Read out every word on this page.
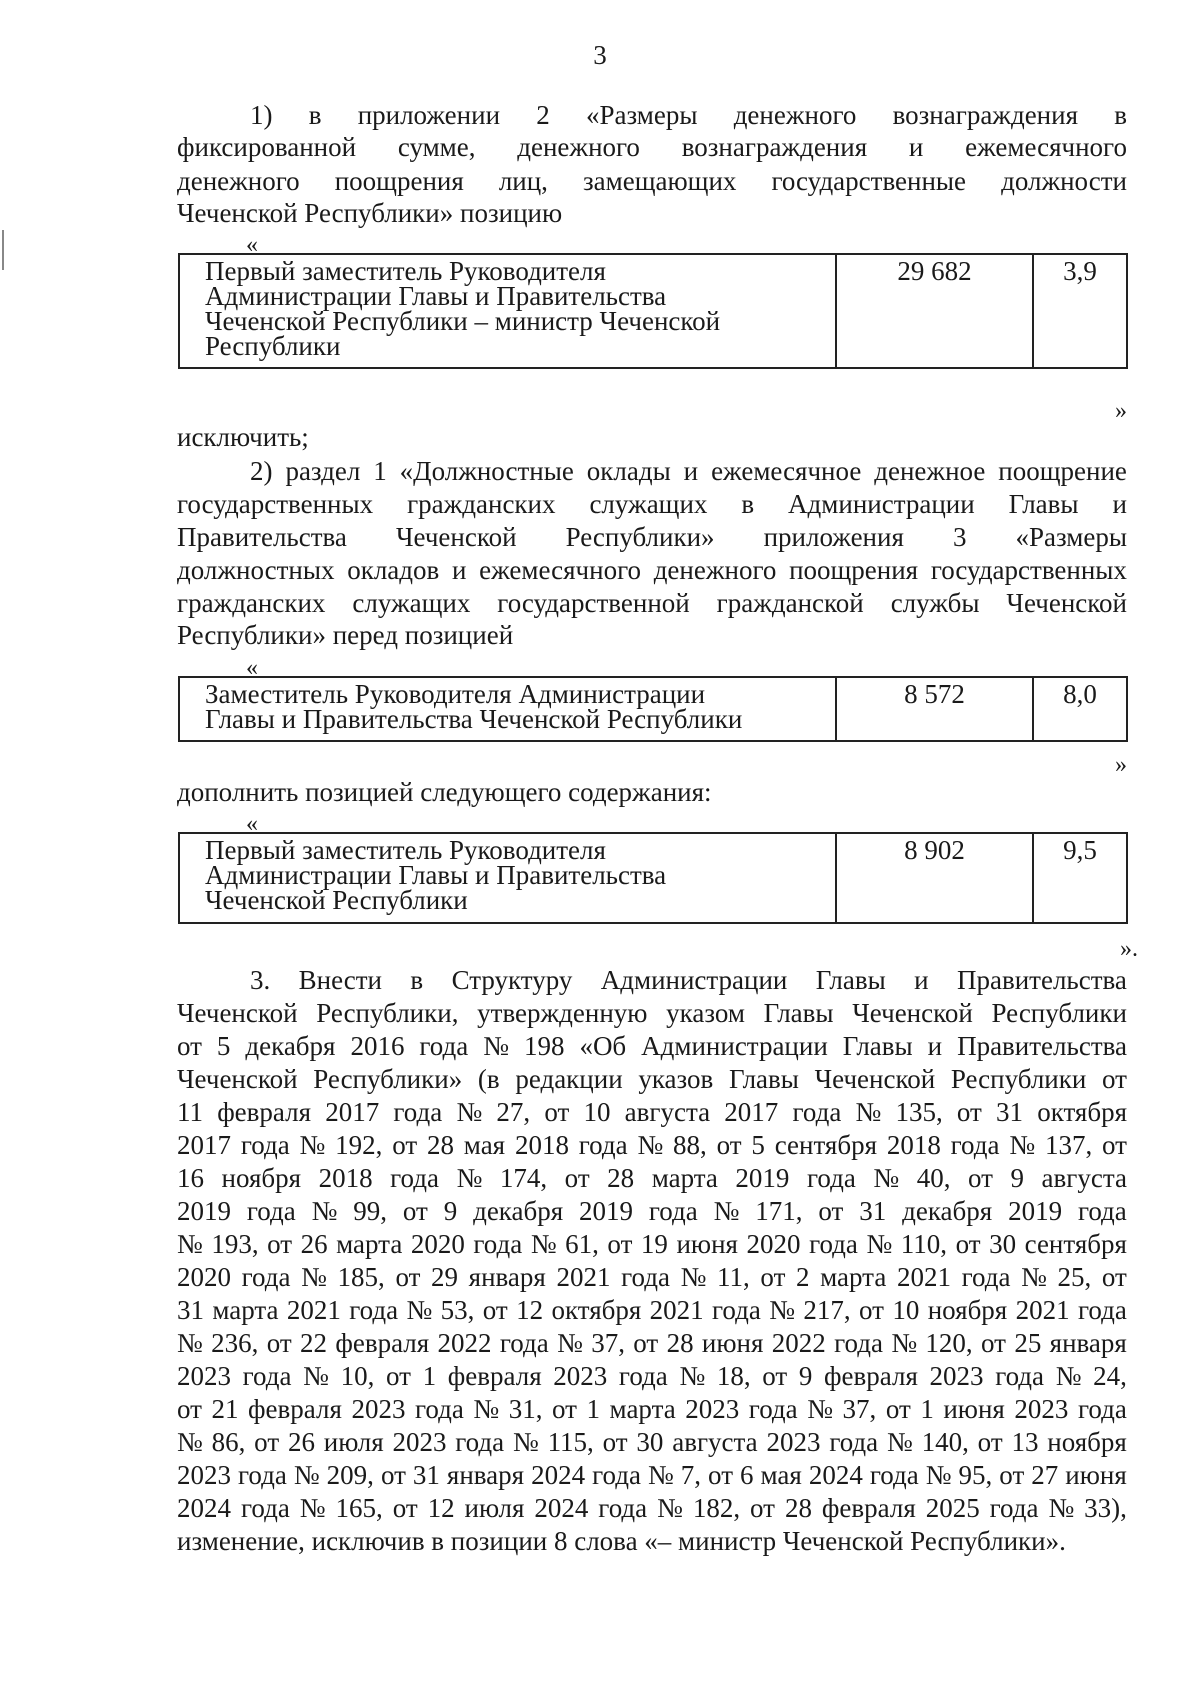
3
1) в приложении 2 «Размеры денежного вознаграждения в
фиксированной сумме, денежного вознаграждения и ежемесячного
денежного поощрения лиц, замещающих государственные должности
Чеченской Республики» позицию
«
Первый заместитель Руководителя
Администрации Главы и Правительства
Чеченской Республики – министр Чеченской
Республики
	29 682	3,9
»
исключить;
2) раздел 1 «Должностные оклады и ежемесячное денежное поощрение
государственных гражданских служащих в Администрации Главы и
Правительства Чеченской Республики» приложения 3 «Размеры
должностных окладов и ежемесячного денежного поощрения государственных
гражданских служащих государственной гражданской службы Чеченской
Республики» перед позицией
«
Заместитель Руководителя Администрации
Главы и Правительства Чеченской Республики
	8 572	8,0
»
дополнить позицией следующего содержания:
«
Первый заместитель Руководителя
Администрации Главы и Правительства
Чеченской Республики
	8 902	9,5
».
3. Внести в Структуру Администрации Главы и Правительства
Чеченской Республики, утвержденную указом Главы Чеченской Республики
от 5 декабря 2016 года № 198 «Об Администрации Главы и Правительства
Чеченской Республики» (в редакции указов Главы Чеченской Республики от
11 февраля 2017 года № 27, от 10 августа 2017 года № 135, от 31 октября
2017 года № 192, от 28 мая 2018 года № 88, от 5 сентября 2018 года № 137, от
16 ноября 2018 года № 174, от 28 марта 2019 года № 40, от 9 августа
2019 года № 99, от 9 декабря 2019 года № 171, от 31 декабря 2019 года
№ 193, от 26 марта 2020 года № 61, от 19 июня 2020 года № 110, от 30 сентября
2020 года № 185, от 29 января 2021 года № 11, от 2 марта 2021 года № 25, от
31 марта 2021 года № 53, от 12 октября 2021 года № 217, от 10 ноября 2021 года
№ 236, от 22 февраля 2022 года № 37, от 28 июня 2022 года № 120, от 25 января
2023 года № 10, от 1 февраля 2023 года № 18, от 9 февраля 2023 года № 24,
от 21 февраля 2023 года № 31, от 1 марта 2023 года № 37, от 1 июня 2023 года
№ 86, от 26 июля 2023 года № 115, от 30 августа 2023 года № 140, от 13 ноября
2023 года № 209, от 31 января 2024 года № 7, от 6 мая 2024 года № 95, от 27 июня
2024 года № 165, от 12 июля 2024 года № 182, от 28 февраля 2025 года № 33),
изменение, исключив в позиции 8 слова «– министр Чеченской Республики».
